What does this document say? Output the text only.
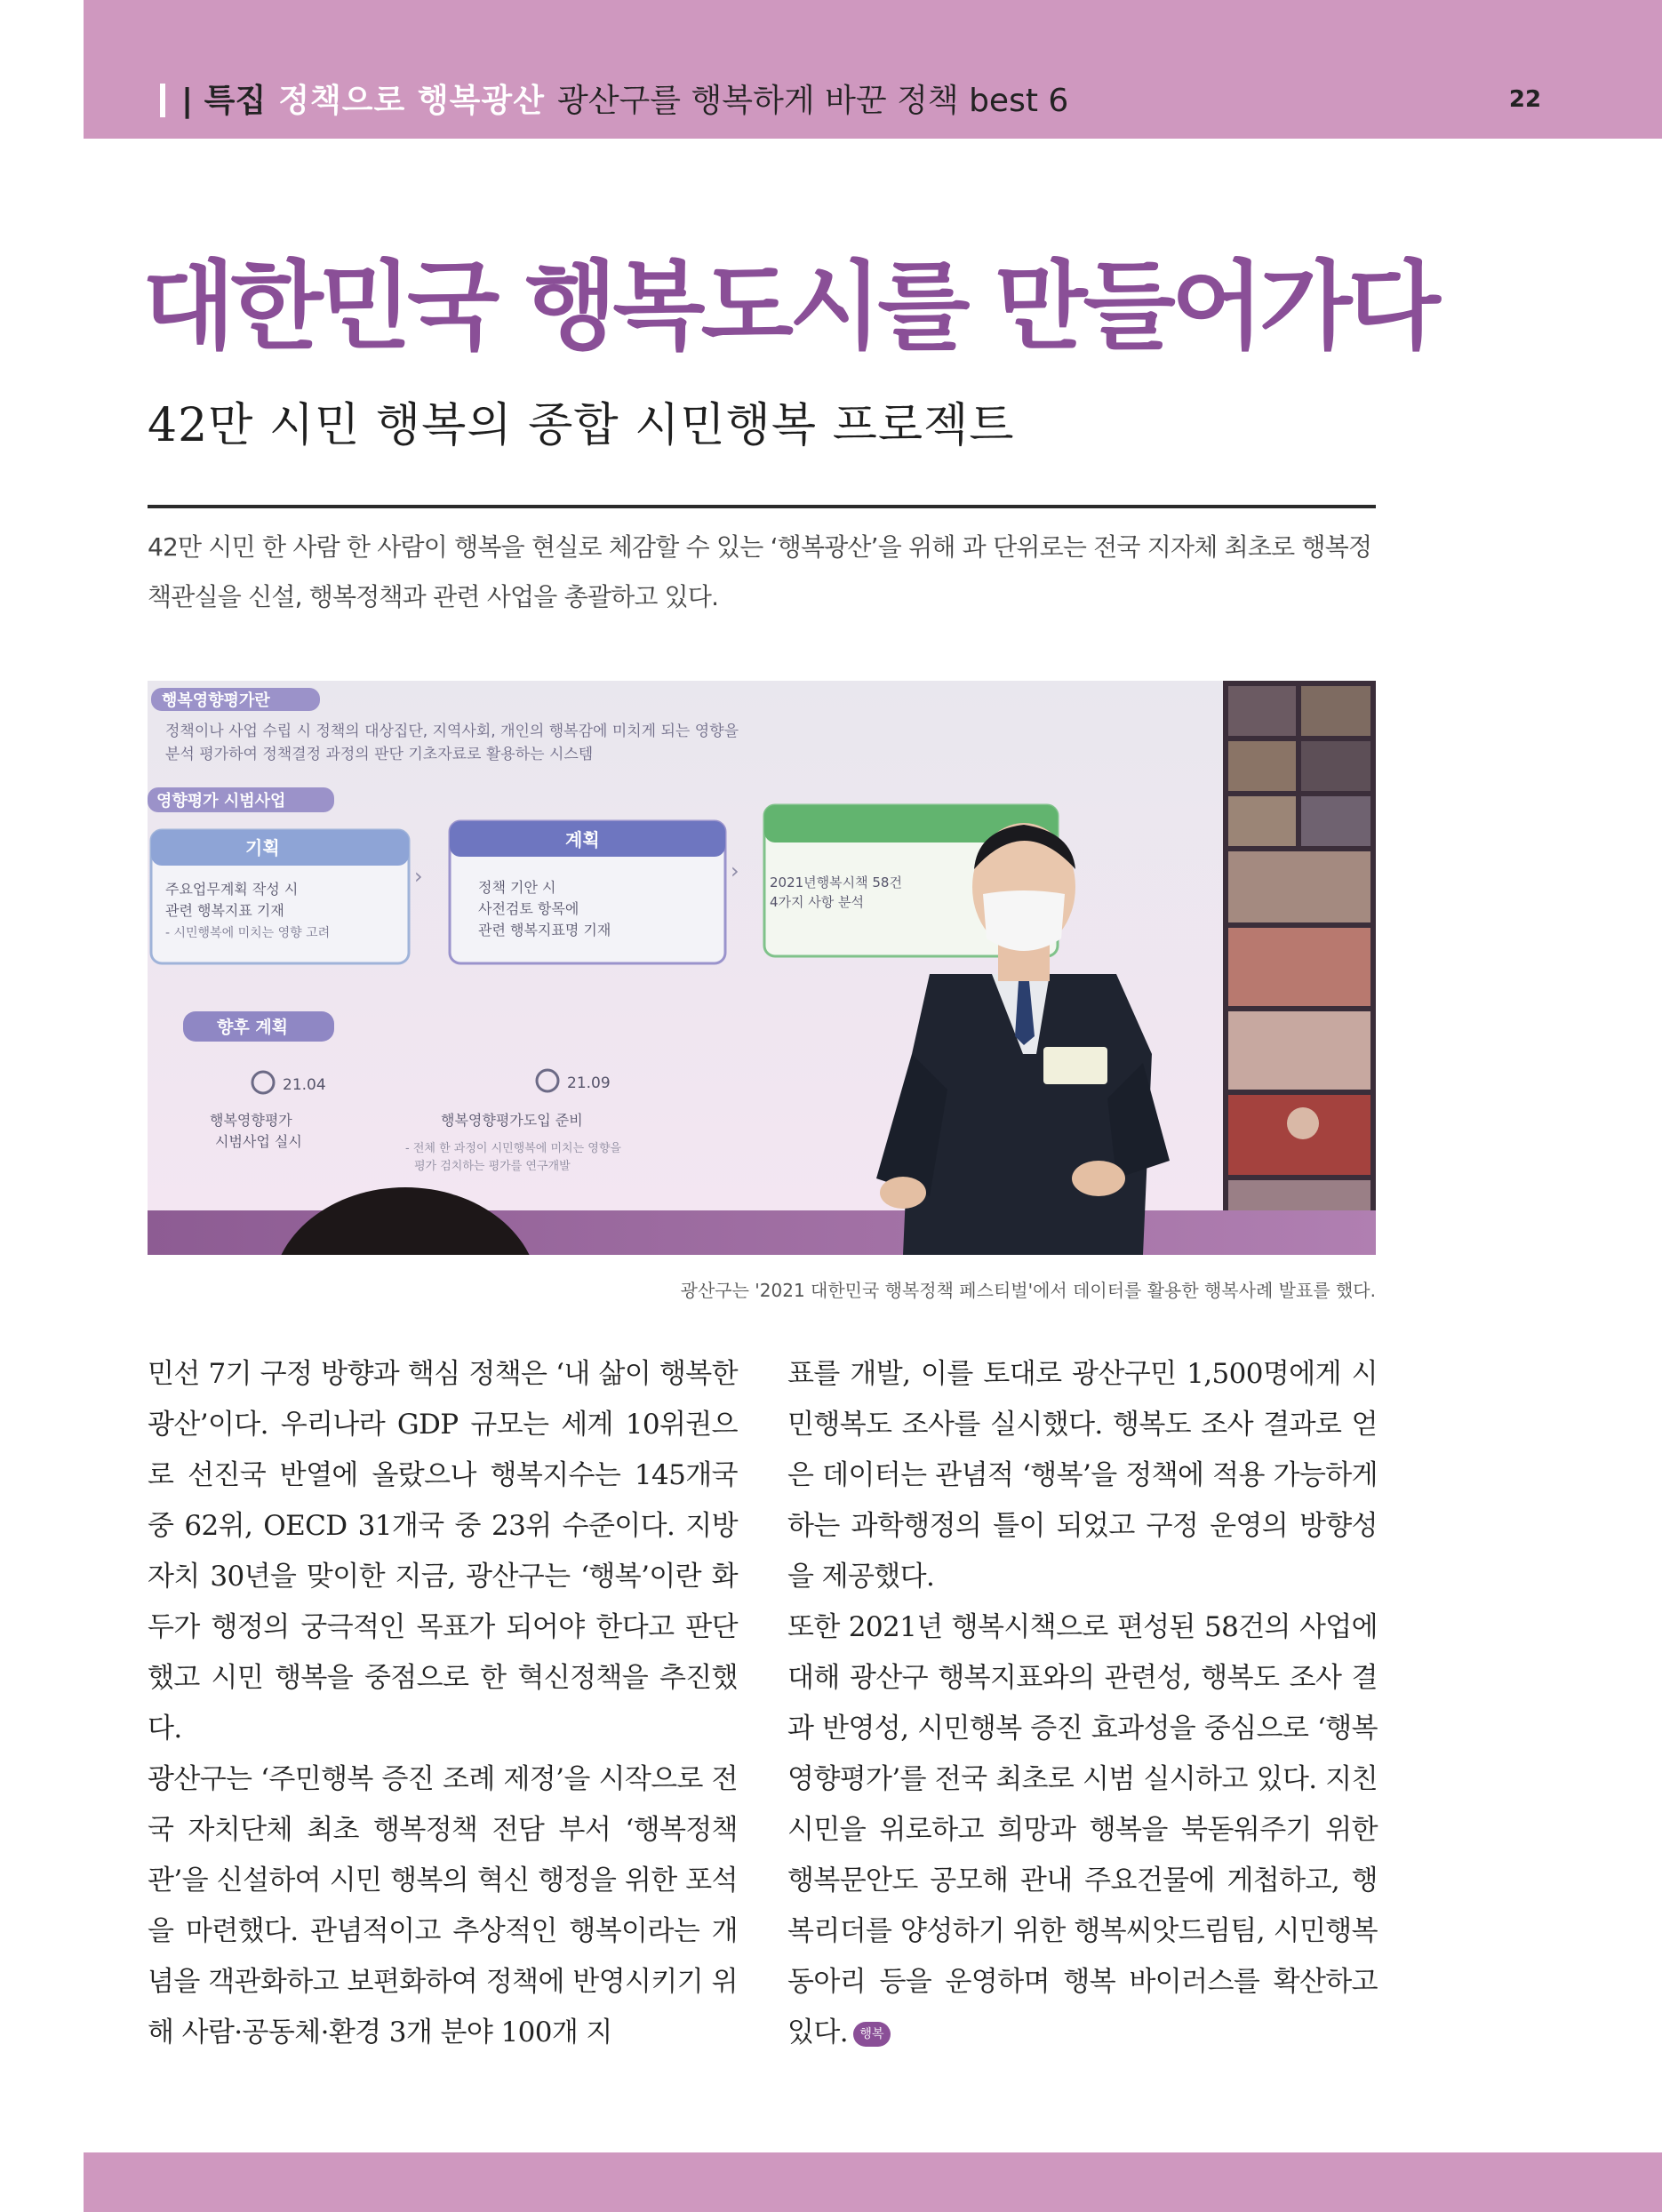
| 특집 정책으로 행복광산 광산구를 행복하게 바꾼 정책 best 6	22
대한민국 행복도시를 만들어가다
42만 시민 행복의 종합 시민행복 프로젝트
42만 시민 한 사람 한 사람이 행복을 현실로 체감할 수 있는 ‘행복광산’을 위해 과 단위로는 전국 지자체 최초로 행복정책관실을 신설, 행복정책과 관련 사업을 총괄하고 있다.
행복영향평가란
정책이나 사업 수립 시 정책의 대상집단, 지역사회, 개인의 행복감에 미치게 되는 영향을
분석 평가하여 정책결정 과정의 판단 기초자료로 활용하는 시스템
영향평가 시범사업
기획
주요업무계획 작성 시
관련 행복지표 기재
- 시민행복에 미치는 영향 고려
›
계획
정책 기안 시
사전검토 항목에
관련 행복지표명 기재
› 2021년행복시책 58건
4가지 사항 분석
향후 계획
21.04
행복영향평가
시범사업 실시
21.09
행복영향평가도입 준비
- 전체 한 과정이 시민행복에 미치는 영향을
평가 검치하는 평가를 연구개발
광산구는 '2021 대한민국 행복정책 페스티벌'에서 데이터를 활용한 행복사례 발표를 했다.

민선 7기 구정 방향과 핵심 정책은 ‘내 삶이 행복한 광산’이다. 우리나라 GDP 규모는 세계 10위권으로 선진국 반열에 올랐으나 행복지수는 145개국 중 62위, OECD 31개국 중 23위 수준이다. 지방자치 30년을 맞이한 지금, 광산구는 ‘행복’이란 화두가 행정의 궁극적인 목표가 되어야 한다고 판단했고 시민 행복을 중점으로 한 혁신정책을 추진했다.

광산구는 ‘주민행복 증진 조례 제정’을 시작으로 전국 자치단체 최초 행복정책 전담 부서 ‘행복정책관’을 신설하여 시민 행복의 혁신 행정을 위한 포석을 마련했다. 관념적이고 추상적인 행복이라는 개념을 객관화하고 보편화하여 정책에 반영시키기 위해 사람·공동체·환경 3개 분야 100개 지

표를 개발, 이를 토대로 광산구민 1,500명에게 시민행복도 조사를 실시했다. 행복도 조사 결과로 얻은 데이터는 관념적 ‘행복’을 정책에 적용 가능하게 하는 과학행정의 틀이 되었고 구정 운영의 방향성을 제공했다.

또한 2021년 행복시책으로 편성된 58건의 사업에 대해 광산구 행복지표와의 관련성, 행복도 조사 결과 반영성, 시민행복 증진 효과성을 중심으로 ‘행복영향평가’를 전국 최초로 시범 실시하고 있다. 지친 시민을 위로하고 희망과 행복을 북돋워주기 위한 행복문안도 공모해 관내 주요건물에 게첩하고, 행복리더를 양성하기 위한 행복씨앗드림팀, 시민행복 동아리 등을 운영하며 행복 바이러스를 확산하고 있다. 행복
